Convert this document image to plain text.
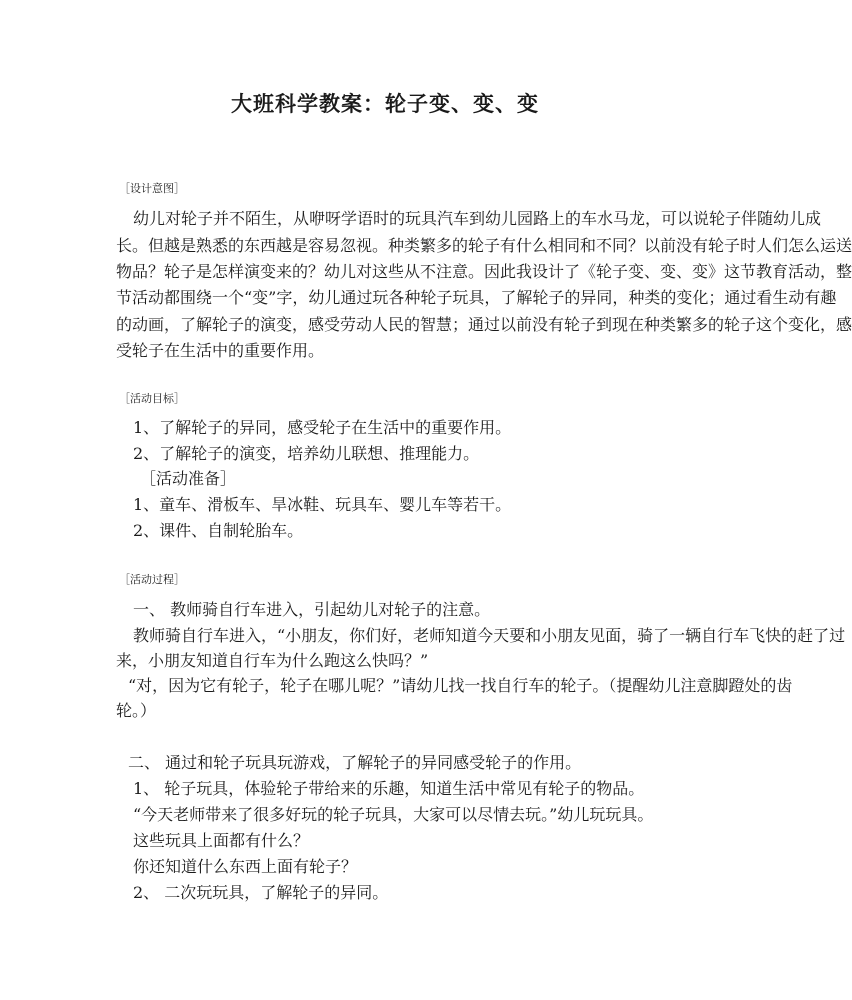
大班科学教案：轮子变、变、变
［设计意图］
幼儿对轮子并不陌生，从咿呀学语时的玩具汽车到幼儿园路上的车水马龙，可以说轮子伴随幼儿成
长。但越是熟悉的东西越是容易忽视。种类繁多的轮子有什么相同和不同？以前没有轮子时人们怎么运送
物品？轮子是怎样演变来的？幼儿对这些从不注意。因此我设计了《轮子变、变、变》这节教育活动，整
节活动都围绕一个“变”字，幼儿通过玩各种轮子玩具，了解轮子的异同，种类的变化；通过看生动有趣
的动画，了解轮子的演变，感受劳动人民的智慧；通过以前没有轮子到现在种类繁多的轮子这个变化，感
受轮子在生活中的重要作用。
［活动目标］
1、了解轮子的异同，感受轮子在生活中的重要作用。
2、了解轮子的演变，培养幼儿联想、推理能力。
［活动准备］
1、童车、滑板车、旱冰鞋、玩具车、婴儿车等若干。
2、课件、自制轮胎车。
［活动过程］
一、 教师骑自行车进入，引起幼儿对轮子的注意。
教师骑自行车进入，“小朋友，你们好，老师知道今天要和小朋友见面，骑了一辆自行车飞快的赶了过
来，小朋友知道自行车为什么跑这么快吗？”
“对，因为它有轮子，轮子在哪儿呢？”请幼儿找一找自行车的轮子。（提醒幼儿注意脚蹬处的齿
轮。）
二、 通过和轮子玩具玩游戏，了解轮子的异同感受轮子的作用。
1、 轮子玩具，体验轮子带给来的乐趣，知道生活中常见有轮子的物品。
“今天老师带来了很多好玩的轮子玩具，大家可以尽情去玩。”幼儿玩玩具。
这些玩具上面都有什么？
你还知道什么东西上面有轮子？
2、 二次玩玩具，了解轮子的异同。
